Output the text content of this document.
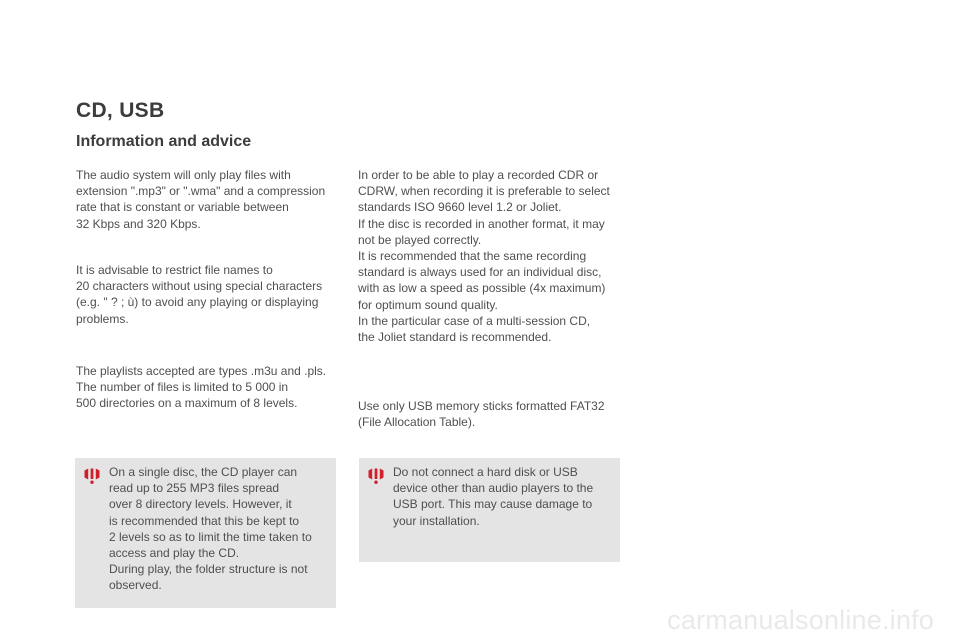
CD, USB
Information and advice

The audio system will only play files with
extension ".mp3" or ".wma" and a compression
rate that is constant or variable between
32 Kbps and 320 Kbps.

It is advisable to restrict file names to
20 characters without using special characters
(e.g. " ? ; ù) to avoid any playing or displaying
problems.

The playlists accepted are types .m3u and .pls.
The number of files is limited to 5 000 in
500 directories on a maximum of 8 levels.

In order to be able to play a recorded CDR or
CDRW, when recording it is preferable to select
standards ISO 9660 level 1.2 or Joliet.
If the disc is recorded in another format, it may
not be played correctly.
It is recommended that the same recording
standard is always used for an individual disc,
with as low a speed as possible (4x maximum)
for optimum sound quality.
In the particular case of a multi-session CD,
the Joliet standard is recommended.

Use only USB memory sticks formatted FAT32
(File Allocation Table).

On a single disc, the CD player can
read up to 255 MP3 files spread
over 8 directory levels. However, it
is recommended that this be kept to
2 levels so as to limit the time taken to
access and play the CD.
During play, the folder structure is not
observed.
Do not connect a hard disk or USB
device other than audio players to the
USB port. This may cause damage to
your installation.
carmanualsonline.info
